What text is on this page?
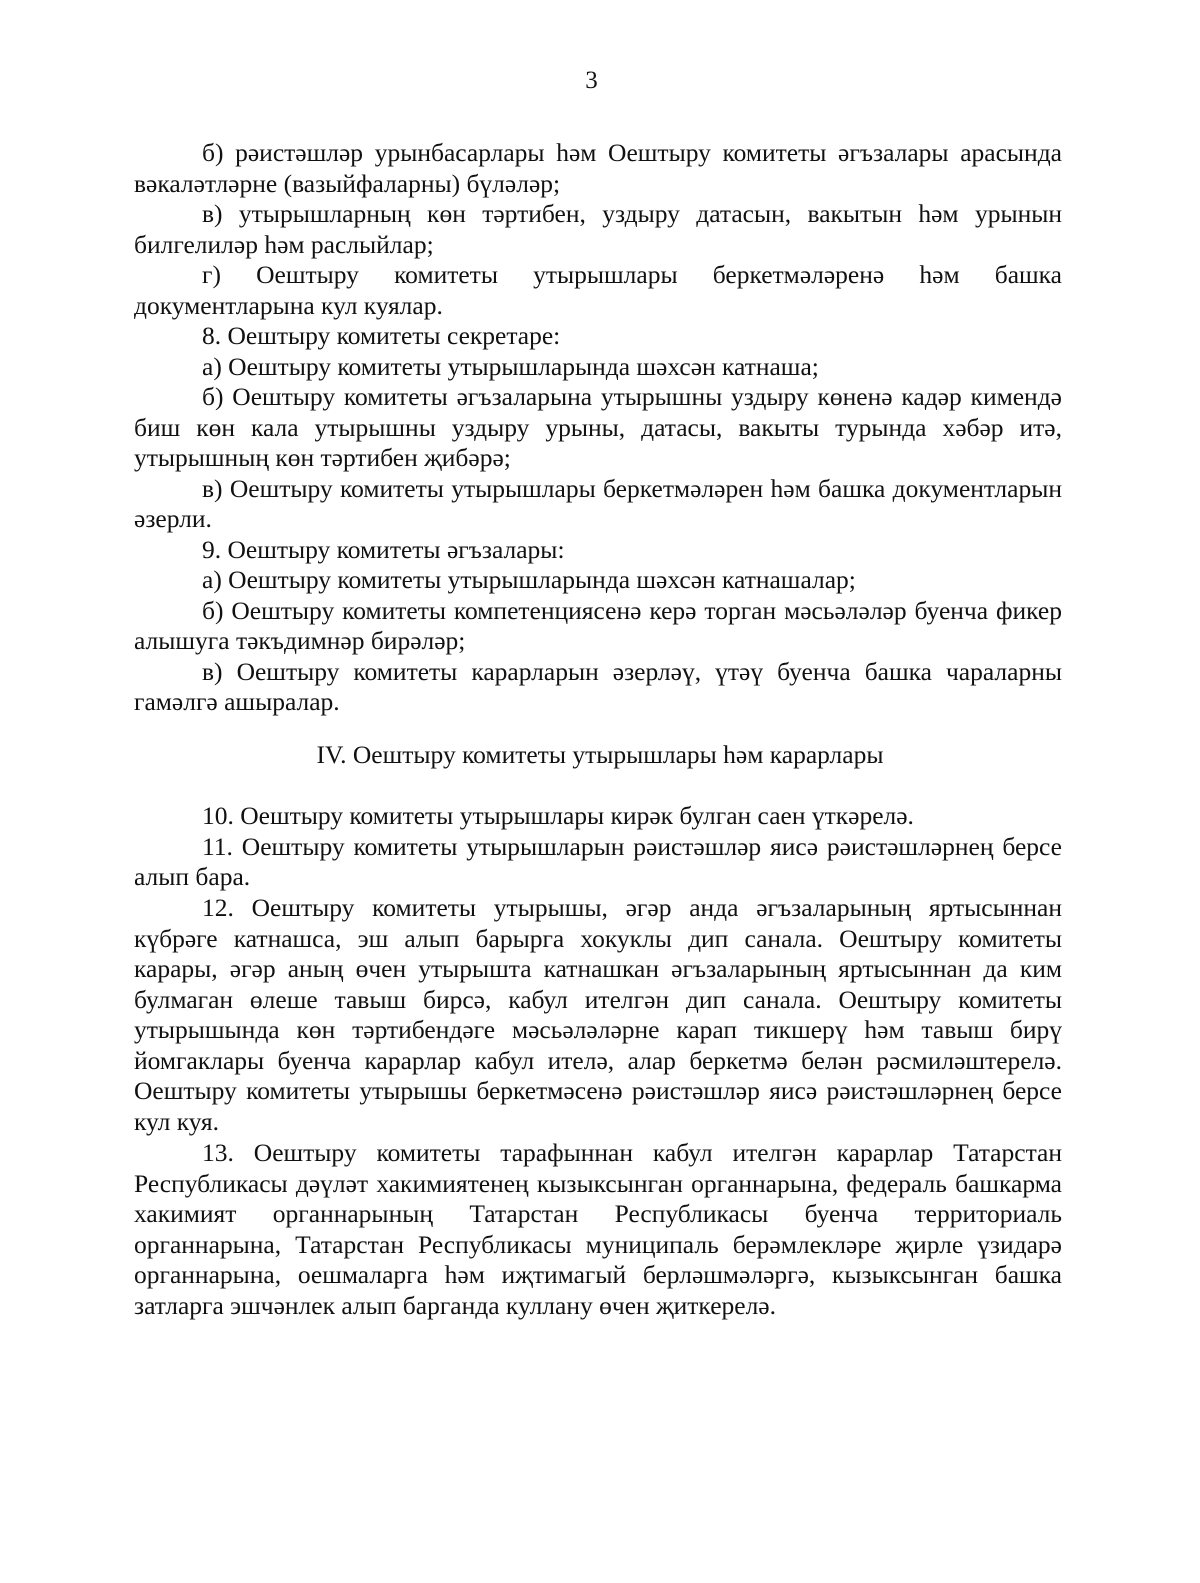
3

б) рәистәшләр урынбасарлары һәм Оештыру комитеты әгъзалары арасында вәкаләтләрне (вазыйфаларны) бүләләр;

в) утырышларның көн тәртибен, уздыру датасын, вакытын һәм урынын билгелиләр һәм раслыйлар;

г) Оештыру комитеты утырышлары беркетмәләренә һәм башка документларына кул куялар.

8. Оештыру комитеты секретаре:

а) Оештыру комитеты утырышларында шәхсән катнаша;

б) Оештыру комитеты әгъзаларына утырышны уздыру көненә кадәр кимендә биш көн кала утырышны уздыру урыны, датасы, вакыты турында хәбәр итә, утырышның көн тәртибен җибәрә;

в) Оештыру комитеты утырышлары беркетмәләрен һәм башка документларын әзерли.

9. Оештыру комитеты әгъзалары:

а) Оештыру комитеты утырышларында шәхсән катнашалар;

б) Оештыру комитеты компетенциясенә керә торган мәсьәләләр буенча фикер алышуга тәкъдимнәр бирәләр;

в) Оештыру комитеты карарларын әзерләү, үтәү буенча башка чараларны гамәлгә ашыралар.

IV. Оештыру комитеты утырышлары һәм карарлары

10. Оештыру комитеты утырышлары кирәк булган саен үткәрелә.

11. Оештыру комитеты утырышларын рәистәшләр яисә рәистәшләрнең берсе алып бара.

12. Оештыру комитеты утырышы, әгәр анда әгъзаларының яртысыннан күбрәге катнашса, эш алып барырга хокуклы дип санала. Оештыру комитеты карары, әгәр аның өчен утырышта катнашкан әгъзаларының яртысыннан да ким булмаган өлеше тавыш бирсә, кабул ителгән дип санала. Оештыру комитеты утырышында көн тәртибендәге мәсьәләләрне карап тикшерү һәм тавыш бирү йомгаклары буенча карарлар кабул ителә, алар беркетмә белән рәсмиләштерелә. Оештыру комитеты утырышы беркетмәсенә рәистәшләр яисә рәистәшләрнең берсе кул куя.

13. Оештыру комитеты тарафыннан кабул ителгән карарлар Татарстан Республикасы дәүләт хакимиятенең кызыксынган органнарына, федераль башкарма хакимият органнарының Татарстан Республикасы буенча территориаль органнарына, Татарстан Республикасы муниципаль берәмлекләре җирле үзидарә органнарына, оешмаларга һәм иҗтимагый берләшмәләргә, кызыксынган башка затларга эшчәнлек алып барганда куллану өчен җиткерелә.
